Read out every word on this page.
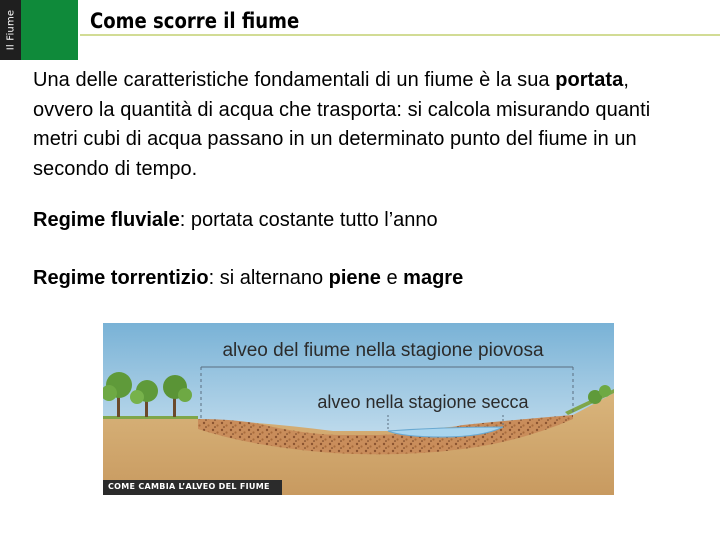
Il Fiume	Come scorre il fiume
Una delle caratteristiche fondamentali di un fiume è la sua portata, ovvero la quantità di acqua che trasporta: si calcola misurando quanti metri cubi di acqua passano in un determinato punto del fiume in un secondo di tempo.
Regime fluviale: portata costante tutto l’anno
Regime torrentizio: si alternano piene e magre
alveo del fiume nella stagione piovosa
alveo nella stagione secca
COME CAMBIA L’ALVEO DEL FIUME
